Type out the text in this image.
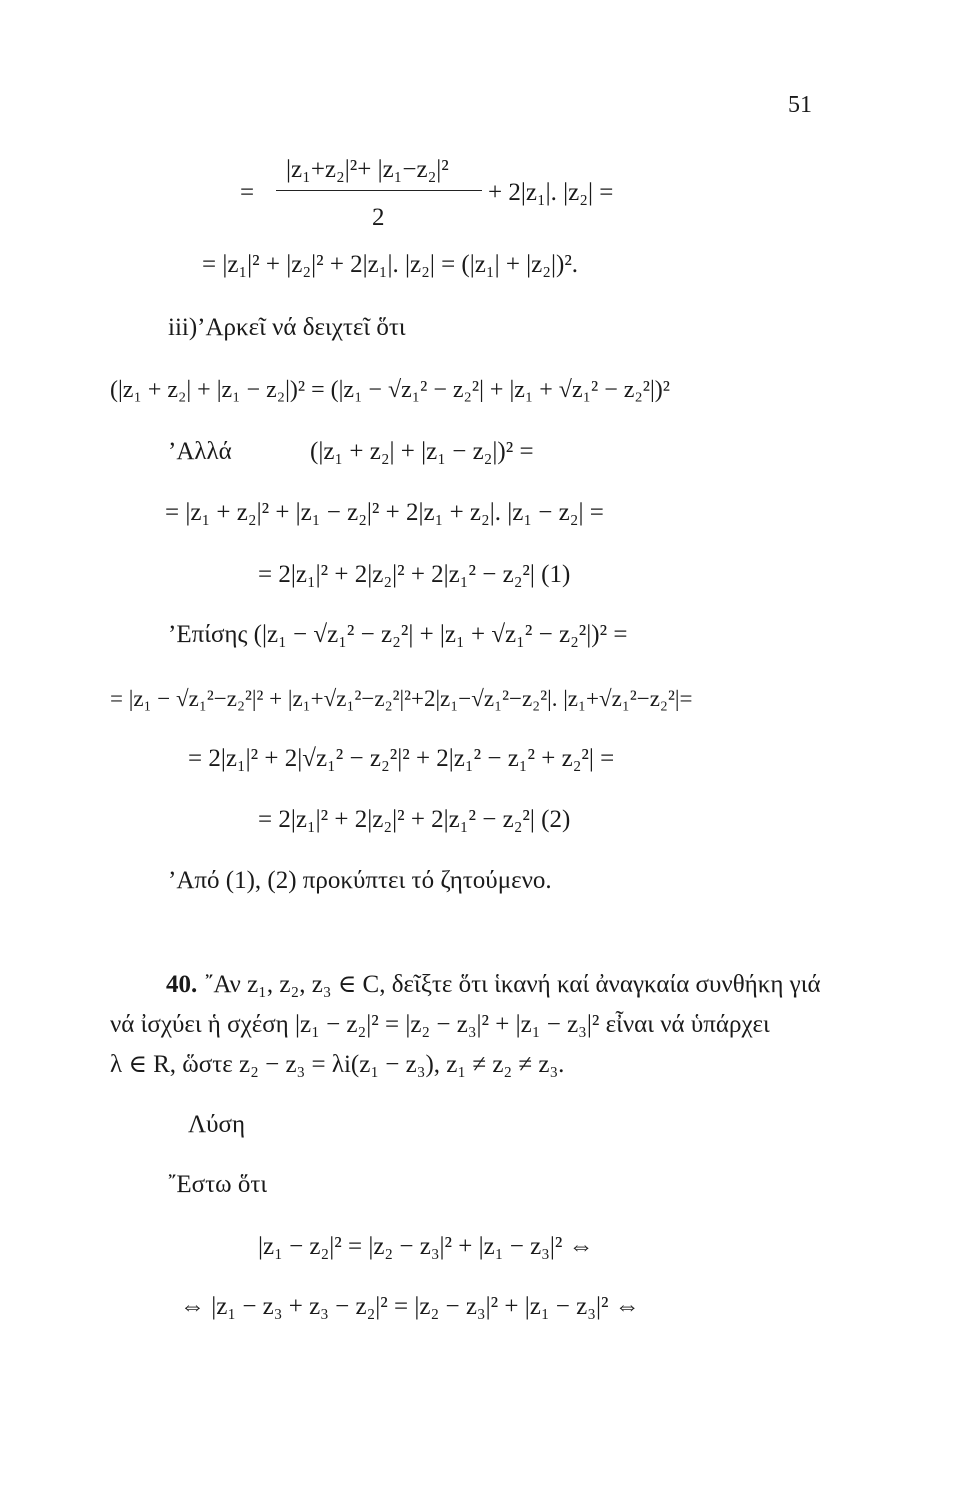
51
=
|z₁+z₂|²+ |z₁−z₂|²
+ 2|z₁|. |z₂| =
2
= |z₁|² + |z₂|² + 2|z₁|. |z₂| = (|z₁| + |z₂|)².
iii)’Αρκεῖ νά δειχτεῖ ὅτι
(|z₁ + z₂| + |z₁ − z₂|)² = (|z₁ − √z₁² − z₂²| + |z₁ + √z₁² − z₂²|)²
’Αλλά	(|z₁ + z₂| + |z₁ − z₂|)² =
= |z₁ + z₂|² + |z₁ − z₂|² + 2|z₁ + z₂|. |z₁ − z₂| =
= 2|z₁|² + 2|z₂|² + 2|z₁² − z₂²| (1)
’Επίσης (|z₁ − √z₁² − z₂²| + |z₁ + √z₁² − z₂²|)² =
= |z₁ − √z₁²−z₂²|² + |z₁+√z₁²−z₂²|²+2|z₁−√z₁²−z₂²|. |z₁+√z₁²−z₂²|=
= 2|z₁|² + 2|√z₁² − z₂²|² + 2|z₁² − z₁² + z₂²| =
= 2|z₁|² + 2|z₂|² + 2|z₁² − z₂²| (2)
’Από (1), (2) προκύπτει τό ζητούμενο.
40. ῎Αν z₁, z₂, z₃ ∈ C, δεῖξτε ὅτι ἱκανή καί ἀναγκαία συνθήκη γιά
νά ἰσχύει ἡ σχέση |z₁ − z₂|² = |z₂ − z₃|² + |z₁ − z₃|² εἶναι νά ὑπάρχει
λ ∈ R, ὥστε z₂ − z₃ = λi(z₁ − z₃), z₁ ≠ z₂ ≠ z₃.
Λύση
῎Εστω ὅτι
|z₁ − z₂|² = |z₂ − z₃|² + |z₁ − z₃|² ⇔
⇔ |z₁ − z₃ + z₃ − z₂|² = |z₂ − z₃|² + |z₁ − z₃|² ⇔
